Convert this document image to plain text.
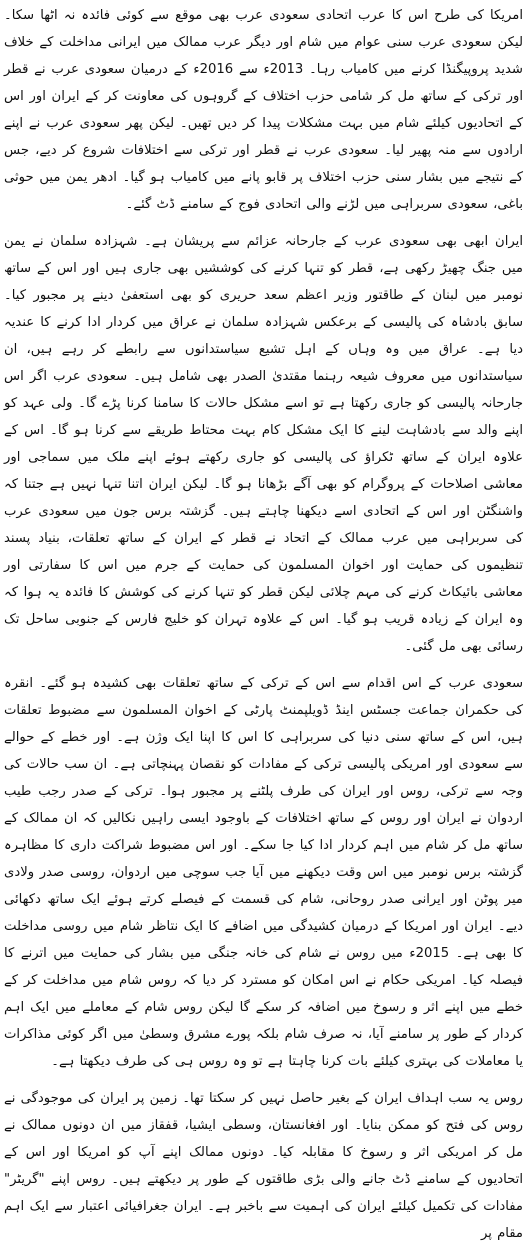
امریکا کی طرح اس کا عرب اتحادی سعودی عرب بھی موقع سے کوئی فائدہ نہ اٹھا سکا۔ لیکن سعودی عرب سنی عوام میں شام اور دیگر عرب ممالک میں ایرانی مداخلت کے خلاف شدید پروپیگنڈا کرنے میں کامیاب رہا۔ 2013ء سے 2016ء کے درمیان سعودی عرب نے قطر اور ترکی کے ساتھ مل کر شامی حزب اختلاف کے گروہوں کی معاونت کر کے ایران اور اس کے اتحادیوں کیلئے شام میں بہت مشکلات پیدا کر دیں تھیں۔ لیکن پھر سعودی عرب نے اپنے ارادوں سے منہ پھیر لیا۔ سعودی عرب نے قطر اور ترکی سے اختلافات شروع کر دیے، جس کے نتیجے میں بشار سنی حزب اختلاف پر قابو پانے میں کامیاب ہو گیا۔ ادھر یمن میں حوثی باغی، سعودی سربراہی میں لڑنے والی اتحادی فوج کے سامنے ڈٹ گئے۔

ایران ابھی بھی سعودی عرب کے جارحانہ عزائم سے پریشان ہے۔ شہزادہ سلمان نے یمن میں جنگ چھیڑ رکھی ہے، قطر کو تنہا کرنے کی کوششیں بھی جاری ہیں اور اس کے ساتھ نومبر میں لبنان کے طاقتور وزیر اعظم سعد حریری کو بھی استعفیٰ دینے پر مجبور کیا۔ سابق بادشاہ کی پالیسی کے برعکس شہزادہ سلمان نے عراق میں کردار ادا کرنے کا عندیہ دیا ہے۔ عراق میں وہ وہاں کے اہل تشیع سیاستدانوں سے رابطے کر رہے ہیں، ان سیاستدانوں میں معروف شیعہ رہنما مقتدیٰ الصدر بھی شامل ہیں۔ سعودی عرب اگر اس جارحانہ پالیسی کو جاری رکھتا ہے تو اسے مشکل حالات کا سامنا کرنا پڑے گا۔ ولی عہد کو اپنے والد سے بادشاہت لینے کا ایک مشکل کام بہت محتاط طریقے سے کرنا ہو گا۔ اس کے علاوہ ایران کے ساتھ ٹکراؤ کی پالیسی کو جاری رکھتے ہوئے اپنے ملک میں سماجی اور معاشی اصلاحات کے پروگرام کو بھی آگے بڑھانا ہو گا۔ لیکن ایران اتنا تنہا نہیں ہے جتنا کہ واشنگٹن اور اس کے اتحادی اسے دیکھنا چاہتے ہیں۔ گزشتہ برس جون میں سعودی عرب کی سربراہی میں عرب ممالک کے اتحاد نے قطر کے ایران کے ساتھ تعلقات، بنیاد پسند تنظیموں کی حمایت اور اخوان المسلمون کی حمایت کے جرم میں اس کا سفارتی اور معاشی بائیکاٹ کرنے کی مہم چلائی لیکن قطر کو تنہا کرنے کی کوشش کا فائدہ یہ ہوا کہ وہ ایران کے زیادہ قریب ہو گیا۔ اس کے علاوہ تہران کو خلیج فارس کے جنوبی ساحل تک رسائی بھی مل گئی۔

سعودی عرب کے اس اقدام سے اس کے ترکی کے ساتھ تعلقات بھی کشیدہ ہو گئے۔ انقرہ کی حکمران جماعت جسٹس اینڈ ڈویلپمنٹ پارٹی کے اخوان المسلمون سے مضبوط تعلقات ہیں، اس کے ساتھ سنی دنیا کی سربراہی کا اس کا اپنا ایک وژن ہے۔ اور خطے کے حوالے سے سعودی اور امریکی پالیسی ترکی کے مفادات کو نقصان پہنچاتی ہے۔ ان سب حالات کی وجہ سے ترکی، روس اور ایران کی طرف پلٹنے پر مجبور ہوا۔ ترکی کے صدر رجب طیب اردوان نے ایران اور روس کے ساتھ اختلافات کے باوجود ایسی راہیں نکالیں کہ ان ممالک کے ساتھ مل کر شام میں اہم کردار ادا کیا جا سکے۔ اور اس مضبوط شراکت داری کا مظاہرہ گزشتہ برس نومبر میں اس وقت دیکھنے میں آیا جب سوچی میں اردوان، روسی صدر ولادی میر پوٹن اور ایرانی صدر روحانی، شام کی قسمت کے فیصلے کرتے ہوئے ایک ساتھ دکھائی دیے۔ ایران اور امریکا کے درمیان کشیدگی میں اضافے کا ایک نتاظر شام میں روسی مداخلت کا بھی ہے۔ 2015ء میں روس نے شام کی خانہ جنگی میں بشار کی حمایت میں اترنے کا فیصلہ کیا۔ امریکی حکام نے اس امکان کو مسترد کر دیا کہ روس شام میں مداخلت کر کے خطے میں اپنے اثر و رسوخ میں اضافہ کر سکے گا لیکن روس شام کے معاملے میں ایک اہم کردار کے طور پر سامنے آیا، نہ صرف شام بلکہ پورے مشرق وسطیٰ میں اگر کوئی مذاکرات یا معاملات کی بہتری کیلئے بات کرنا چاہتا ہے تو وہ روس ہی کی طرف دیکھتا ہے۔

روس یہ سب اہداف ایران کے بغیر حاصل نہیں کر سکتا تھا۔ زمین پر ایران کی موجودگی نے روس کی فتح کو ممکن بنایا۔ اور افغانستان، وسطی ایشیا، قفقاز میں ان دونوں ممالک نے مل کر امریکی اثر و رسوخ کا مقابلہ کیا۔ دونوں ممالک اپنے آپ کو امریکا اور اس کے اتحادیوں کے سامنے ڈٹ جانے والی بڑی طاقتوں کے طور پر دیکھتے ہیں۔ روس اپنے "گریٹر" مفادات کی تکمیل کیلئے ایران کی اہمیت سے باخبر ہے۔ ایران جغرافیائی اعتبار سے ایک اہم مقام پر
